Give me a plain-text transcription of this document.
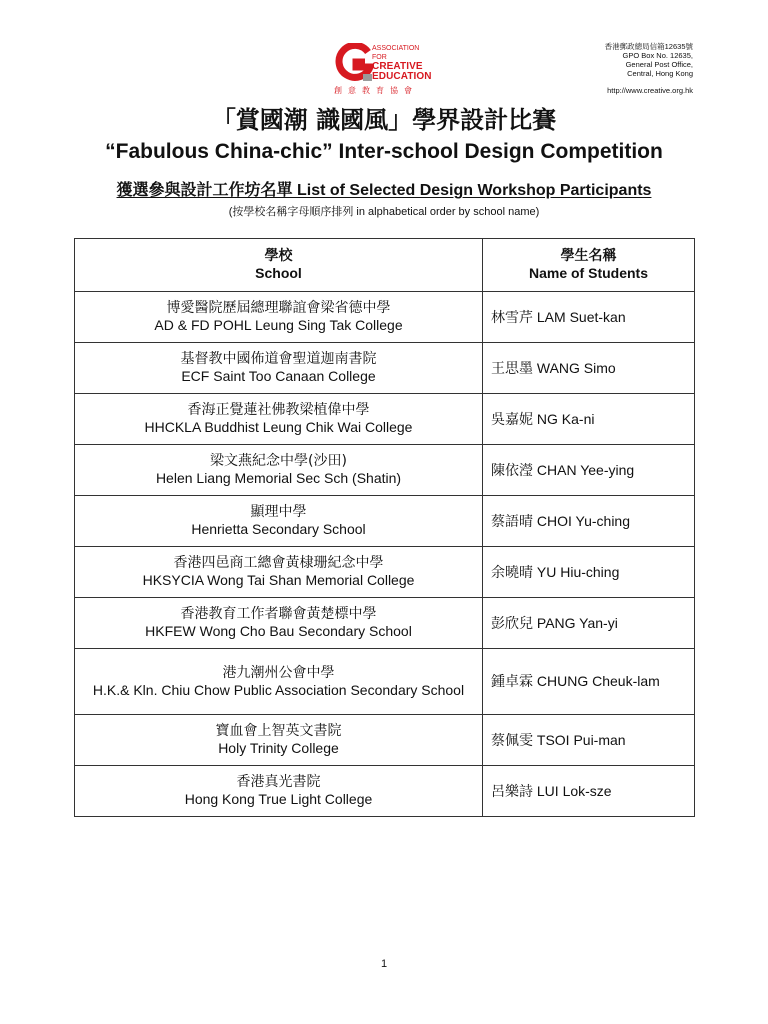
ASSOCIATION
FOR
CREATIVE
EDUCATION
創意教育協會
香港郵政總局信箱12635號
GPO Box No. 12635,
General Post Office,
Central, Hong Kong
http://www.creative.org.hk
「賞國潮 識國風」學界設計比賽
“Fabulous China-chic” Inter-school Design Competition
獲選參與設計工作坊名單 List of Selected Design Workshop Participants
(按學校名稱字母順序排列 in alphabetical order by school name)
學校
School	學生名稱
Name of Students

博愛醫院歷屆總理聯誼會梁省德中學
AD & FD POHL Leung Sing Tak College	林雪芹 LAM Suet-kan

基督教中國佈道會聖道迦南書院
ECF Saint Too Canaan College	王思墨 WANG Simo

香海正覺蓮社佛教梁植偉中學
HHCKLA Buddhist Leung Chik Wai College	吳嘉妮 NG Ka-ni

梁文燕紀念中學(沙田)
Helen Liang Memorial Sec Sch (Shatin)	陳依瀅 CHAN Yee-ying

顯理中學
Henrietta Secondary School	蔡語晴 CHOI Yu-ching

香港四邑商工總會黃棣珊紀念中學
HKSYCIA Wong Tai Shan Memorial College	余曉晴 YU Hiu-ching

香港教育工作者聯會黃楚標中學
HKFEW Wong Cho Bau Secondary School	彭欣兒 PANG Yan-yi

港九潮州公會中學
H.K.& Kln. Chiu Chow Public Association Secondary School	鍾卓霖 CHUNG Cheuk-lam

寶血會上智英文書院
Holy Trinity College	蔡佩雯 TSOI Pui-man

香港真光書院
Hong Kong True Light College	呂樂詩 LUI Lok-sze
1
